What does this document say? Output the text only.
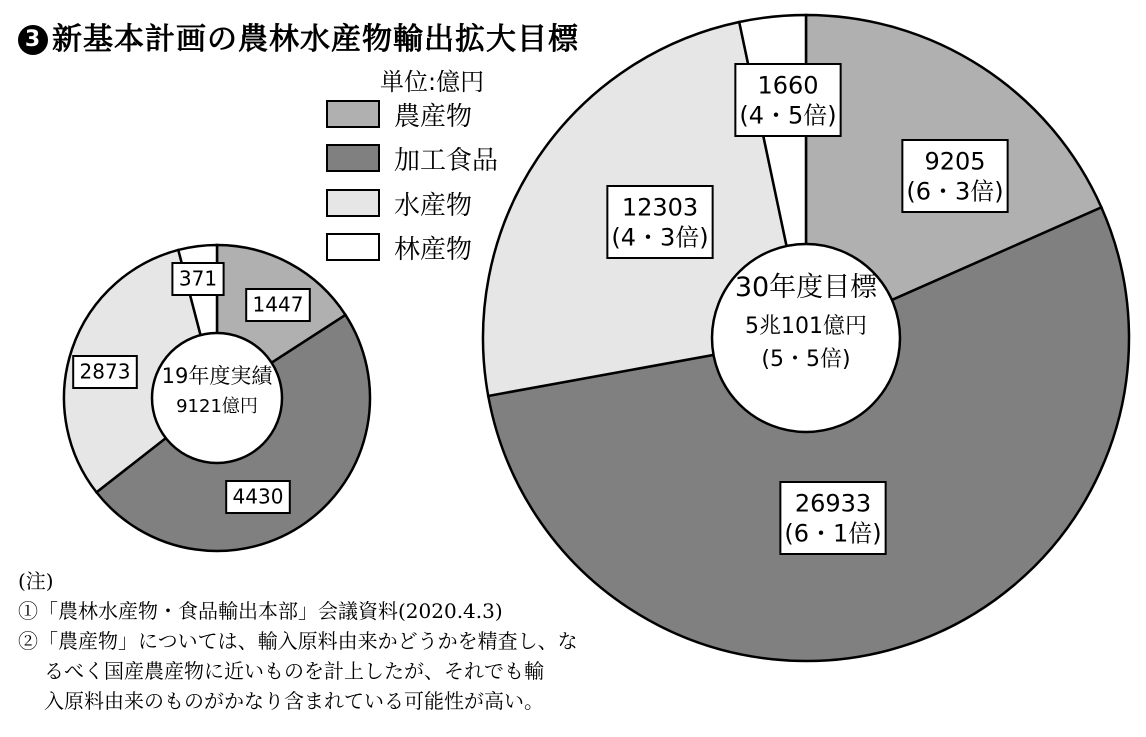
3 新基本計画の農林水産物輸出拡大目標
単位:億円
農産物
加工食品
水産物
林産物
19年度実績
9121億円
1447
4430
2873
371	30年度目標
5兆101億円
(5・5倍)
9205
(6・3倍)
26933
(6・1倍)
12303
(4・3倍)
1660
(4・5倍)
(注)
①「農林水産物・食品輸出本部」会議資料(2020.4.3)
②「農産物」については、輸入原料由来かどうかを精査し、な
るべく国産農産物に近いものを計上したが、それでも輸
入原料由来のものがかなり含まれている可能性が高い。
